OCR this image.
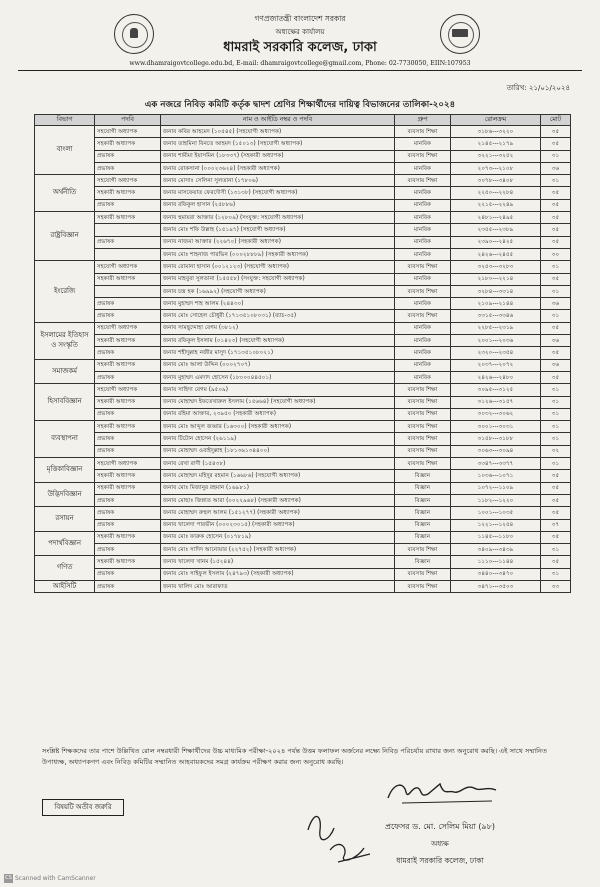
গণপ্রজাতন্ত্রী বাংলাদেশ সরকার
অধ্যক্ষের কার্যালয়
ধামরাই সরকারি কলেজ, ঢাকা
www.dhamraigovtcollege.edu.bd, E-mail: dhamraigovtcollege@gmail.com, Phone: 02-7730050, EIIN:107953
তারিখ: ২১/০১/২০২৪
এক নজরে নিবিড় কমিটি কর্তৃক দ্বাদশ শ্রেণির শিক্ষার্থীদের দায়িত্ব বিভাজনের তালিকা-২০২৪
বিভাগ	পদবি	নাম ও আইডি নম্বর ও পদবি	গ্রুপ	রোলক্রম	মোট
বাংলা	সহযোগী অধ্যাপক	জনাব কবির আহমেদ (১০৫৪৫) (সহযোগী অধ্যাপক)	ব্যবসায় শিক্ষা	৩১৮৬---৩২২০	৩৫
	সহকারী অধ্যাপক	জনাব তাহমিনা বিনতে আহমদ (১৫০১৩) (সহযোগী অধ্যাপক)	মানবিক	২১৪৫---২১৭৯	৩৫
	প্রভাষক	জনাব শামীমা ইয়াসমিন (১৮৩৩৭) (সহকারী অধ্যাপক)	ব্যবসায় শিক্ষা	৩২২১---৩২৫২	৩১
	প্রভাষক	জনাব রোকসানা (০০০২৩৬২৪) (সহকারী অধ্যাপক)	মানবিক	২০৭৩---২১০৮	৩৬
অর্থনীতি	সহযোগী অধ্যাপক	জনাব মোসাঃ সেলিনা সুলতানা (১৭৮০৬)	ব্যবসায় শিক্ষা	৩০৭৮---৩৪০৮	৩১
	সহকারী অধ্যাপক	জনাব মাসফেয়াত ফেরদৌসী (১৩১৩৮) (সহযোগী অধ্যাপক)	মানবিক	২২৫০---২২৮৪	৩৫
	প্রভাষক	জনাব রফিকুল হাসান (২৫৮৮৬)	মানবিক	২২১৫---২২৪৯	৩৫
রাষ্ট্রবিজ্ঞান	সহকারী অধ্যাপক	জনাব হুমায়রা আক্তার (১২৮০৯) (সংযুক্ত: সহযোগী অধ্যাপক)	মানবিক	২৪৮১---২৪৯৫	৩৫
		জনাব মোঃ শফি উল্লাহ (১৫১৯৭) (সহযোগী অধ্যাপক)	মানবিক	২৩৫৫---২৩৮৯	৩৫
	প্রভাষক	জনাব নাজমা আক্তার (২২৬৭০) (সহকারী অধ্যাপক)	মানবিক	২৩৯০---২৪২৫	৩৫
		জনাব মোঃ শাহনাজ পারভিন (০০০২৮৮৮৯) (সহকারী অধ্যাপক)	মানবিক	২৪২৬---২৪৫৫	৩০
ইংরেজি	সহযোগী অধ্যাপক	জনাব রোমানা হাসান (০০১২১২৩) (সহযোগী অধ্যাপক)	ব্যবসায় শিক্ষা	৩২৫৩---৩২৮৩	৩১
	সহকারী অধ্যাপক	জনাব মাহবুবা সুলতানা (১৫৫৫৮) (সংযুক্ত: সহযোগী অধ্যাপক)	মানবিক	২১৮০---২২১৪	৩৫
		জনাব চন্দ্র হক (১৬৯৯২) (সহযোগী অধ্যাপক)	ব্যবসায় শিক্ষা	৩২৮৪---৩৩১৪	৩১
	প্রভাষক	জনাব মুহাম্মদ শাহ আলম (২৪৪৩০)	মানবিক	২১০৯---২১৪৪	৩৬
	প্রভাষক	জনাব মোঃ সোহেল চৌধুরী (১৭১৩৫১০৮০৩১) (ব্যাচ-৩৫)	ব্যবসায় শিক্ষা	৩৩১৫---৩৩৪৬	৩১
ইসলামের ইতিহাস ও সংস্কৃতি	সহযোগী অধ্যাপক	জনাব সামছুদ্দোহা বেগম (৩৮১২)	মানবিক	২২৮৫---২৩১৯	৩৫
	সহকারী অধ্যাপক	জনাব রফিকুল ইসলাম (০১৪২৩) (সহযোগী অধ্যাপক)	মানবিক	২০০১---২০৩৬	৩৬
	প্রভাষক	জনাব শহীদুল্লাহ নজীর মাসুদ (১৭১৩৫১০৮০২১)	মানবিক	২৩২০---২৩৫৪	৩৫
সমাজকর্ম	সহকারী অধ্যাপক	জনাব মোঃ আলা উদ্দিন (০০০২৭০৭)	মানবিক	২০৩৭---২০৭২	৩৬
	প্রভাষক	জনাব মুহাম্মদ এমদাদ হোসেন (১৮০০০৪৪৫০১)	মানবিক	২৪২৬---২৪৮০	৩৫
হিসাববিজ্ঞান	সহযোগী অধ্যাপক	জনাব সাহিদা বেগম (৯৫০৯)	ব্যবসায় শিক্ষা	৩০৯৫---৩১২৫	৩১
	সহকারী অধ্যাপক	জনাব মোহাম্মদ ইফতেখারুল ইসলাম (১৫৬৬৪) (সহযোগী অধ্যাপক)	ব্যবসায় শিক্ষা	৩১২৬---৩১৫৭	৩১
	প্রভাষক	জনাব রহিমা আক্তার, ২৩৯৫০ (সহকারী অধ্যাপক)	ব্যবসায় শিক্ষা	৩০৩২---৩০৬২	৩১
ব্যবস্থাপনা	সহকারী অধ্যাপক	জনাব মোঃ আব্দুল জব্বার (১৬৩০০) (সহকারী অধ্যাপক)	ব্যবসায় শিক্ষা	৩০০১---৩০৩১	৩১
	প্রভাষক	জনাব টিটোন হোসেন (২৬১১৯)	ব্যবসায় শিক্ষা	৩১৫৮---৩১৮৮	৩১
	প্রভাষক	জনাব মোহাম্মদ ওবাইদুল্লাহ (১৮১৩৬১৩৪৪০০)	ব্যবসায় শিক্ষা	৩০৬৩---৩০৯৪	৩২
মৃত্তিকাবিজ্ঞান	সহযোগী অধ্যাপক	জনাব রেখা রাণী (১৫৪৩৮)	ব্যবসায় শিক্ষা	৩৩৪৭---৩৩৭৭	৩১
	সহকারী অধ্যাপক	জনাব মোহাম্মদ মহিদুর রহমান (১৬৬৮৬) (সহযোগী অধ্যাপক)	বিজ্ঞান	১০৩৬---১০৭১	৩৫
উদ্ভিদবিজ্ঞান	সহকারী অধ্যাপক	জনাব মোঃ মিজানুর রহমান (১৬৯৮১)	বিজ্ঞান	১০৭২---১১০৯	৩৫
	প্রভাষক	জনাব মোছাঃ জিন্নাত আরা (০০২২৯৬৮) (সহকারী অধ্যাপক)	বিজ্ঞান	১১৮২---১২২০	৩৫
রসায়ন	প্রভাষক	জনাব মোহাম্মদ রুহুল আলম (১৫১২৭৭) (সহকারী অধ্যাপক)	বিজ্ঞান	১০০১---১০৩৫	৩৫
	প্রভাষক	জনাব খালেদা পারভীন (০০০২৩০১৫) (সহকারী অধ্যাপক)	বিজ্ঞান	১২২১---১২৫৪	৩৭
পদার্থবিজ্ঞান	সহকারী অধ্যাপক	জনাব মোঃ ফারুক হোসেন (০১৭৮১৯)	বিজ্ঞান	১১৪৫---১১৮০	৩৫
	প্রভাষক	জনাব মোঃ সাদিদ আনোয়ার (২২৭৫২) (সহকারী অধ্যাপক)	ব্যবসায় শিক্ষা	৩৪০৯---৩৪৩৯	৩১
গণিত	সহকারী অধ্যাপক	জনাব খালেদা খানম (১৫২৪৪)	বিজ্ঞান	১১১০---১১৪৪	৩৫
	প্রভাষক	জনাব মোঃ সাইফুল ইসলাম (২৪৭৯৩) (সহকারী অধ্যাপক)	ব্যবসায় শিক্ষা	৩৪৪০---৩৪৭০	৩১
আইসিটি	প্রভাষক	জনাব খালিদ মোঃ আরাফাত	ব্যবসায় শিক্ষা	৩৪৭১---৩৫০৩	৩৩
সংশ্লিষ্ট শিক্ষকদের তার পাশে উল্লিখিত রোল নম্বরধারী শিক্ষার্থীদের উচ্চ মাধ্যমিক পরীক্ষা-২০২৪ পর্যন্ত উত্তম ফলাফল অর্জনের লক্ষ্যে নিবিড় পরিচর্যায় রাখার জন্য অনুরোধ করছি। এই সাথে সম্মানিত উপাধ্যক্ষ, অধ্যাপকগণ এবং নিবিড় কমিটির সম্মানিত আহবায়কদের সমগ্র কার্যক্রম পরীক্ষণ করার জন্য অনুরোধ করছি।
বিষয়টি অতীব জরুরি
প্রফেসর ড. মো. সেলিম মিয়া (৯৮)
অধ্যক্ষ
ধামরাই সরকারি কলেজ, ঢাকা
CS Scanned with CamScanner
